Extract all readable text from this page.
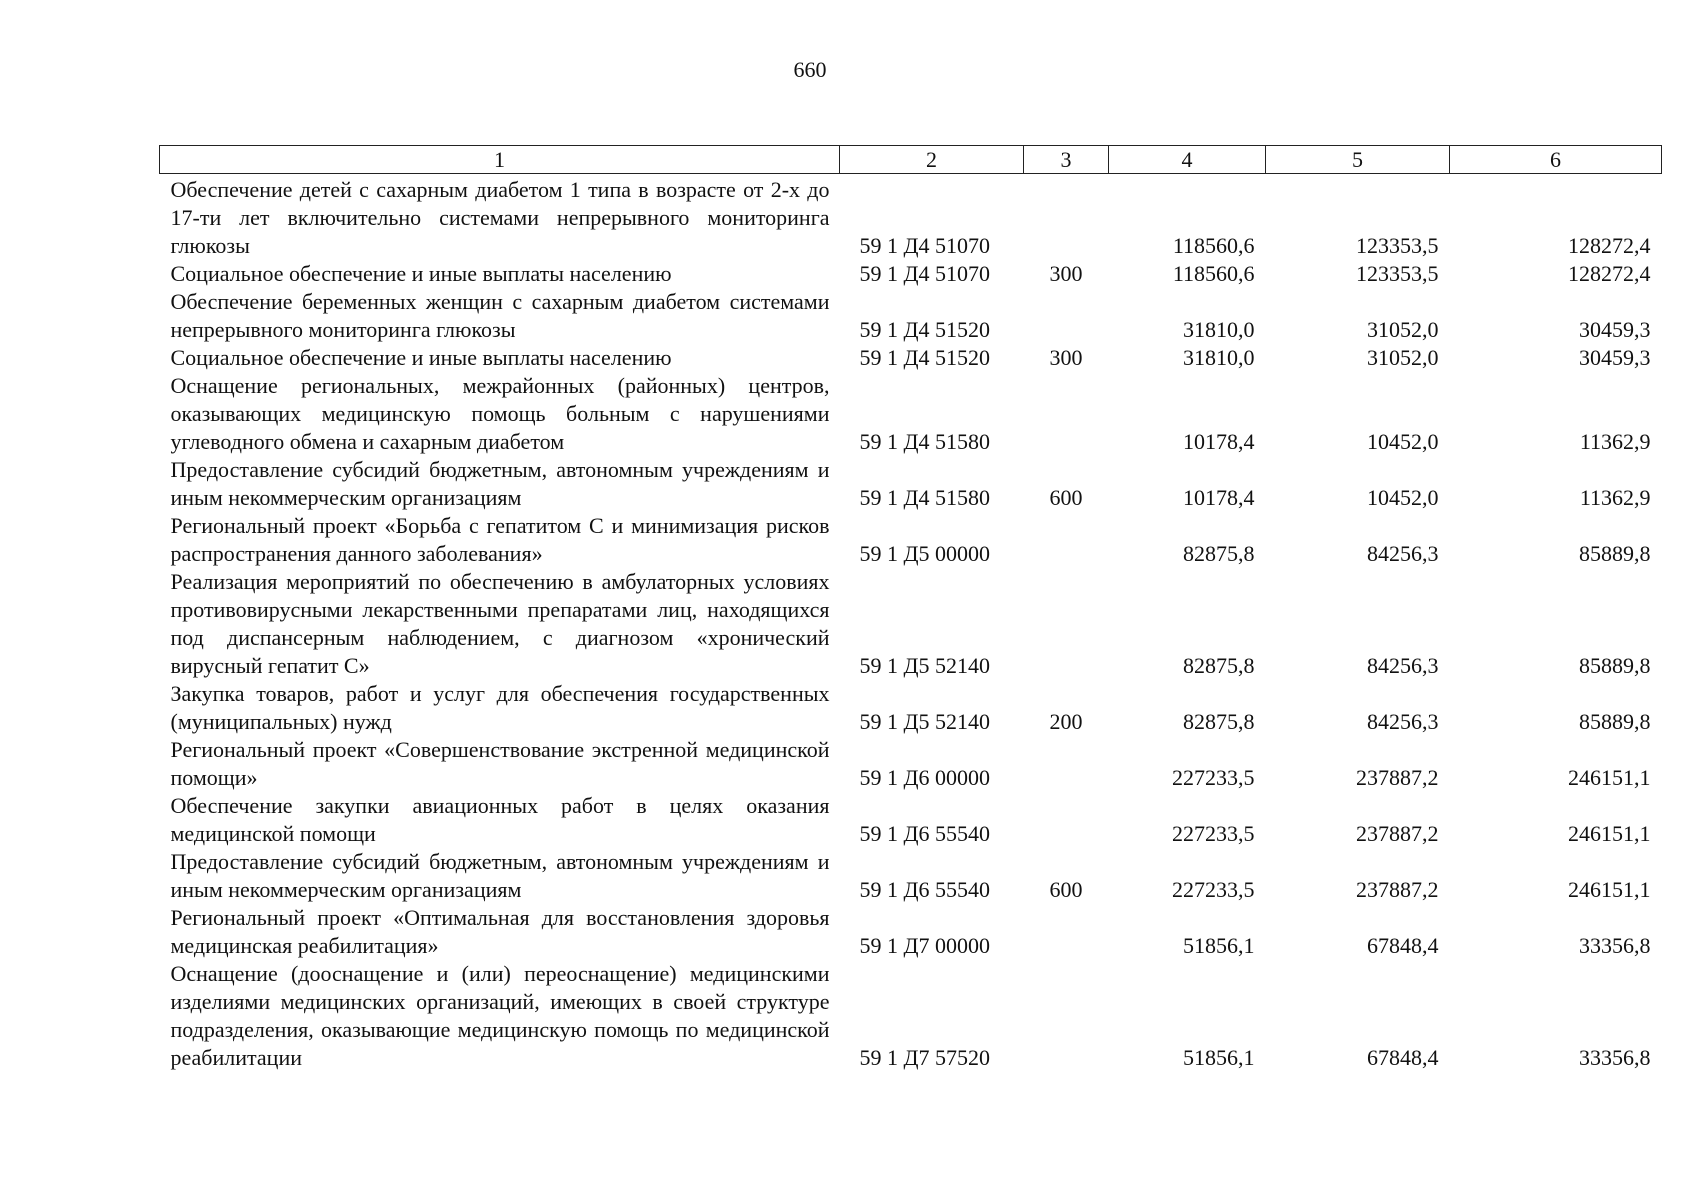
660
1	2	3	4	5	6
Обеспечение детей с сахарным диабетом 1 типа в возрасте от 2-х до 17-ти лет включительно системами непрерывного мониторинга глюкозы	59 1 Д4 51070		118560,6	123353,5	128272,4
Социальное обеспечение и иные выплаты населению	59 1 Д4 51070	300	118560,6	123353,5	128272,4
Обеспечение беременных женщин с сахарным диабетом системами непрерывного мониторинга глюкозы	59 1 Д4 51520		31810,0	31052,0	30459,3
Социальное обеспечение и иные выплаты населению	59 1 Д4 51520	300	31810,0	31052,0	30459,3
Оснащение региональных, межрайонных (районных) центров, оказывающих медицинскую помощь больным с нарушениями углеводного обмена и сахарным диабетом	59 1 Д4 51580		10178,4	10452,0	11362,9
Предоставление субсидий бюджетным, автономным учреждениям и иным некоммерческим организациям	59 1 Д4 51580	600	10178,4	10452,0	11362,9
Региональный проект «Борьба с гепатитом С и минимизация рисков распространения данного заболевания»	59 1 Д5 00000		82875,8	84256,3	85889,8
Реализация мероприятий по обеспечению в амбулаторных условиях противовирусными лекарственными препаратами лиц, находящихся под диспансерным наблюдением, с диагнозом «хронический вирусный гепатит С»	59 1 Д5 52140		82875,8	84256,3	85889,8
Закупка товаров, работ и услуг для обеспечения государственных (муниципальных) нужд	59 1 Д5 52140	200	82875,8	84256,3	85889,8
Региональный проект «Совершенствование экстренной медицинской помощи»	59 1 Д6 00000		227233,5	237887,2	246151,1
Обеспечение закупки авиационных работ в целях оказания медицинской помощи	59 1 Д6 55540		227233,5	237887,2	246151,1
Предоставление субсидий бюджетным, автономным учреждениям и иным некоммерческим организациям	59 1 Д6 55540	600	227233,5	237887,2	246151,1
Региональный проект «Оптимальная для восстановления здоровья медицинская реабилитация»	59 1 Д7 00000		51856,1	67848,4	33356,8
Оснащение (дооснащение и (или) переоснащение) медицинскими изделиями медицинских организаций, имеющих в своей структуре подразделения, оказывающие медицинскую помощь по медицинской реабилитации	59 1 Д7 57520		51856,1	67848,4	33356,8
